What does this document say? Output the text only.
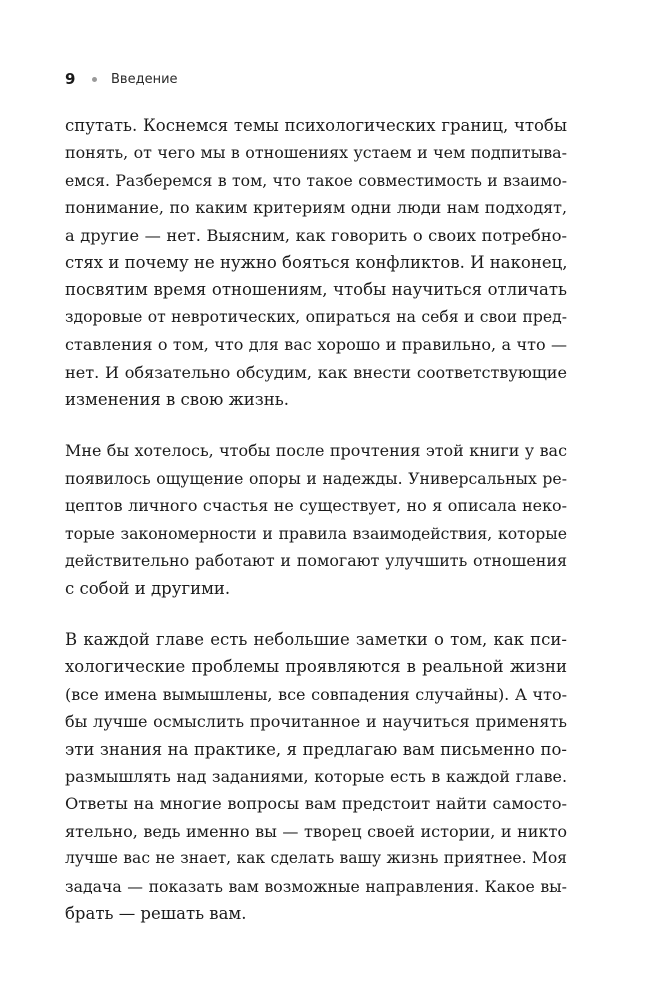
9	Введение

спутать. Коснемся темы психологических границ, чтобы
понять, от чего мы в отношениях устаем и чем подпитыва-
емся. Разберемся в том, что такое совместимость и взаимо-
понимание, по каким критериям одни люди нам подходят,
а другие — нет. Выясним, как говорить о своих потребно-
стях и почему не нужно бояться конфликтов. И наконец,
посвятим время отношениям, чтобы научиться отличать
здоровые от невротических, опираться на себя и свои пред-
ставления о том, что для вас хорошо и правильно, а что —
нет. И обязательно обсудим, как внести соответствующие
изменения в свою жизнь.

Мне бы хотелось, чтобы после прочтения этой книги у вас
появилось ощущение опоры и надежды. Универсальных ре-
цептов личного счастья не существует, но я описала неко-
торые закономерности и правила взаимодействия, которые
действительно работают и помогают улучшить отношения
с собой и другими.

В каждой главе есть небольшие заметки о том, как пси-
хологические проблемы проявляются в реальной жизни
(все имена вымышлены, все совпадения случайны). А что-
бы лучше осмыслить прочитанное и научиться применять
эти знания на практике, я предлагаю вам письменно по-
размышлять над заданиями, которые есть в каждой главе.
Ответы на многие вопросы вам предстоит найти самосто-
ятельно, ведь именно вы — творец своей истории, и никто
лучше вас не знает, как сделать вашу жизнь приятнее. Моя
задача — показать вам возможные направления. Какое вы-
брать — решать вам.
